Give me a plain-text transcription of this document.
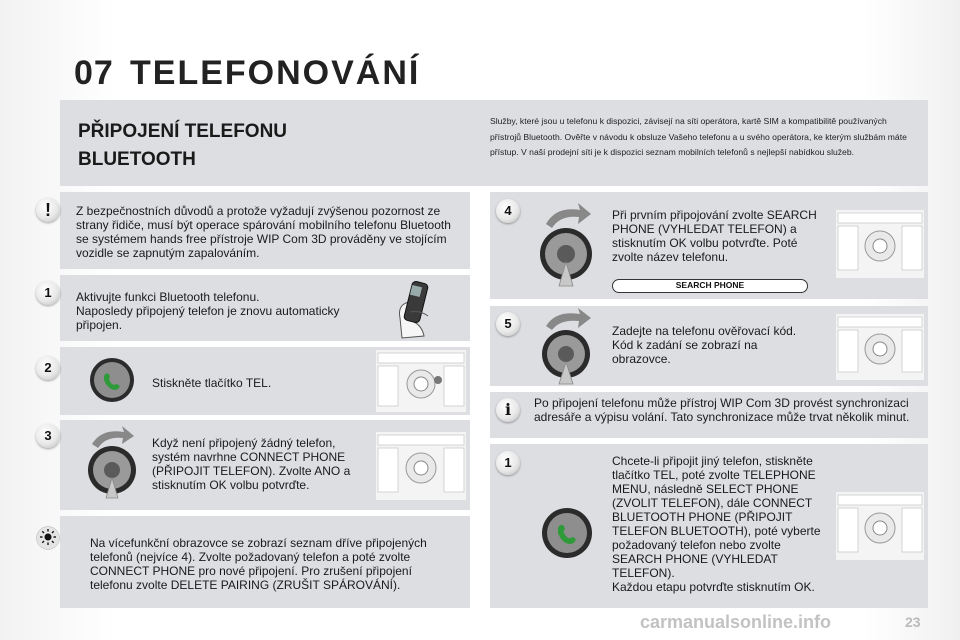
07 TELEFONOVÁNÍ
PŘIPOJENÍ TELEFONU
BLUETOOTH
Služby, které jsou u telefonu k dispozici, závisejí na síti operátora, kartě SIM a kompatibilitě používaných přístrojů Bluetooth. Ověřte v návodu k obsluze Vašeho telefonu a u svého operátora, ke kterým službám máte přístup. V naší prodejní síti je k dispozici seznam mobilních telefonů s nejlepší nabídkou služeb.
!	Z bezpečnostních důvodů a protože vyžadují zvýšenou pozornost ze strany řidiče, musí být operace spárování mobilního telefonu Bluetooth se systémem hands free přístroje WIP Com 3D prováděny ve stojícím vozidle se zapnutým zapalováním.
1	Aktivujte funkci Bluetooth telefonu.
Naposledy připojený telefon je znovu automaticky připojen.
2
Stiskněte tlačítko TEL.
3	Když není připojený žádný telefon, systém navrhne CONNECT PHONE (PŘIPOJIT TELEFON). Zvolte ANO a stisknutím OK volbu potvrďte.
Na vícefunkční obrazovce se zobrazí seznam dříve připojených telefonů (nejvíce 4). Zvolte požadovaný telefon a poté zvolte CONNECT PHONE pro nové připojení. Pro zrušení připojení telefonu zvolte DELETE PAIRING (ZRUŠIT SPÁROVÁNÍ).
4	Při prvním připojování zvolte SEARCH PHONE (VYHLEDAT TELEFON) a stisknutím OK volbu potvrďte. Poté zvolte název telefonu.
SEARCH PHONE
5	Zadejte na telefonu ověřovací kód. Kód k zadání se zobrazí na obrazovce.
i	Po připojení telefonu může přístroj WIP Com 3D provést synchronizaci adresáře a výpisu volání. Tato synchronizace může trvat několik minut.
1	Chcete-li připojit jiný telefon, stiskněte tlačítko TEL, poté zvolte TELEPHONE MENU, následně SELECT PHONE (ZVOLIT TELEFON), dále CONNECT BLUETOOTH PHONE (PŘIPOJIT TELEFON BLUETOOTH), poté vyberte požadovaný telefon nebo zvolte SEARCH PHONE (VYHLEDAT TELEFON).
Každou etapu potvrďte stisknutím OK.
carmanualsonline.info	23
